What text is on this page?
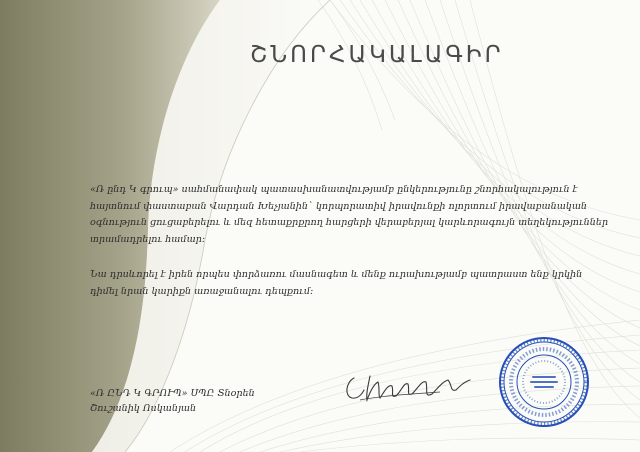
ՇՆՈՐՀԱԿԱԼԱԳԻՐ
«Ռ ընդ Կ գրուպ» սահմանափակ պատասխանատվությամբ ընկերությունը շնորհակալություն է հայտնում փաստաբան Վարդան Խեչյանին` կորպորատիվ իրավունքի ոլորտում իրավաբանական օգնություն ցուցաբերելու և մեզ հետաքրքրող հարցերի վերաբերյալ կարևորագույն տեղեկություններ տրամադրելու համար:
Նա դրսևորել է իրեն որպես փորձառու մասնագետ և մենք ուրախությամբ պատրաստ ենք կրկին դիմել նրան կարիքն առաջանալու դեպքում:
«Ռ ԸՆԴ Կ ԳՐՈՒՊ» ՍՊԸ Տնօրեն
Շուշանիկ Ոսկանյան
